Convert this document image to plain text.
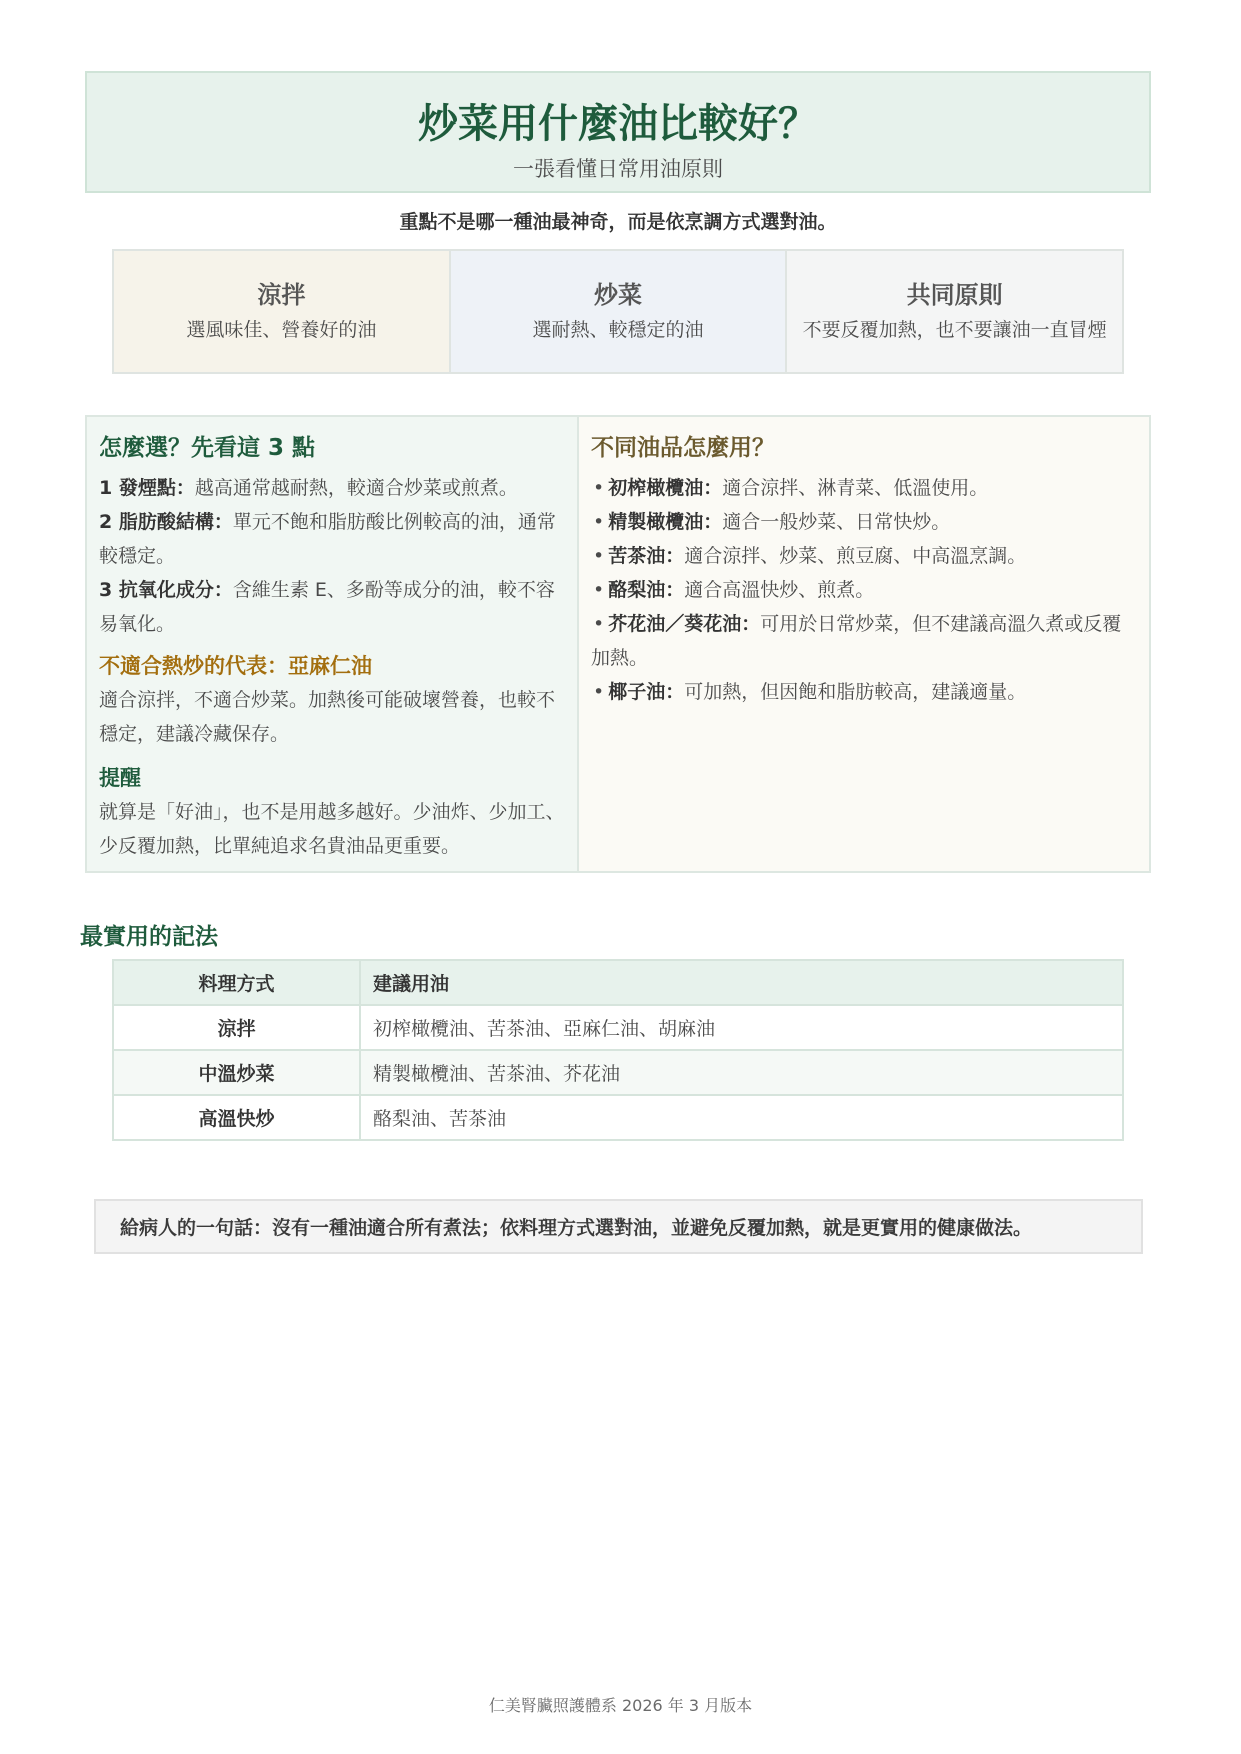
炒菜用什麼油比較好？
一張看懂日常用油原則
重點不是哪一種油最神奇，而是依烹調方式選對油。
涼拌
選風味佳、營養好的油
炒菜
選耐熱、較穩定的油
共同原則
不要反覆加熱，也不要讓油一直冒煙
怎麼選？先看這 3 點
1 發煙點：越高通常越耐熱，較適合炒菜或煎煮。
2 脂肪酸結構：單元不飽和脂肪酸比例較高的油，通常較穩定。
3 抗氧化成分：含維生素 E、多酚等成分的油，較不容易氧化。
不適合熱炒的代表：亞麻仁油
適合涼拌，不適合炒菜。加熱後可能破壞營養，也較不穩定，建議冷藏保存。
提醒
就算是「好油」，也不是用越多越好。少油炸、少加工、少反覆加熱，比單純追求名貴油品更重要。
不同油品怎麼用？
• 初榨橄欖油：適合涼拌、淋青菜、低溫使用。
• 精製橄欖油：適合一般炒菜、日常快炒。
• 苦茶油：適合涼拌、炒菜、煎豆腐、中高溫烹調。
• 酪梨油：適合高溫快炒、煎煮。
• 芥花油／葵花油：可用於日常炒菜，但不建議高溫久煮或反覆加熱。
• 椰子油：可加熱，但因飽和脂肪較高，建議適量。
最實用的記法
料理方式	建議用油
涼拌	初榨橄欖油、苦茶油、亞麻仁油、胡麻油
中溫炒菜	精製橄欖油、苦茶油、芥花油
高溫快炒	酪梨油、苦茶油
給病人的一句話：沒有一種油適合所有煮法；依料理方式選對油，並避免反覆加熱，就是更實用的健康做法。
仁美腎臟照護體系 2026 年 3 月版本
